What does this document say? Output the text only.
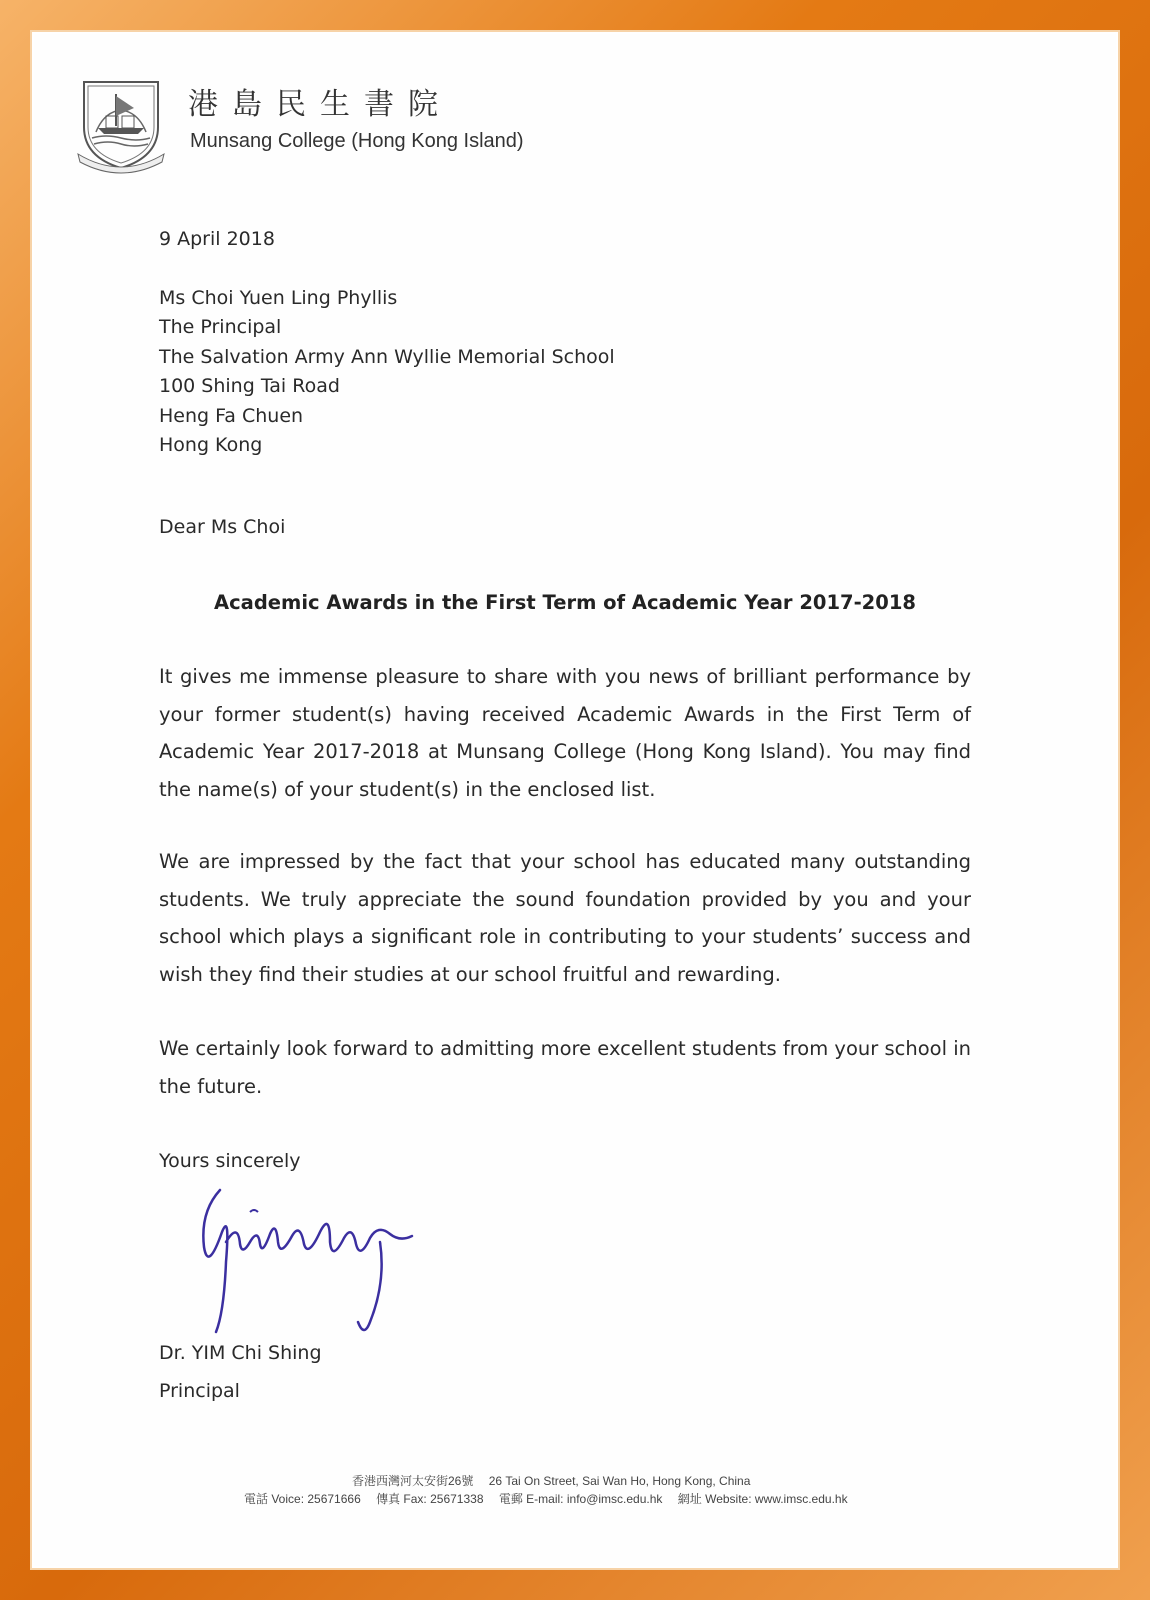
港島民生書院

Munsang College (Hong Kong Island)

9 April 2018

Ms Choi Yuen Ling Phyllis
The Principal
The Salvation Army Ann Wyllie Memorial School
100 Shing Tai Road
Heng Fa Chuen
Hong Kong

Dear Ms Choi

Academic Awards in the First Term of Academic Year 2017-2018

It gives me immense pleasure to share with you news of brilliant performance by your former student(s) having received Academic Awards in the First Term of Academic Year 2017-2018 at Munsang College (Hong Kong Island). You may find the name(s) of your student(s) in the enclosed list.

We are impressed by the fact that your school has educated many outstanding students. We truly appreciate the sound foundation provided by you and your school which plays a significant role in contributing to your students’ success and wish they find their studies at our school fruitful and rewarding.

We certainly look forward to admitting more excellent students from your school in the future.

Yours sincerely

Dr. YIM Chi Shing
Principal
香港西灣河太安街26號 26 Tai On Street, Sai Wan Ho, Hong Kong, China
電話 Voice: 25671666 傳真 Fax: 25671338 電郵 E-mail: info@imsc.edu.hk 網址 Website: www.imsc.edu.hk
